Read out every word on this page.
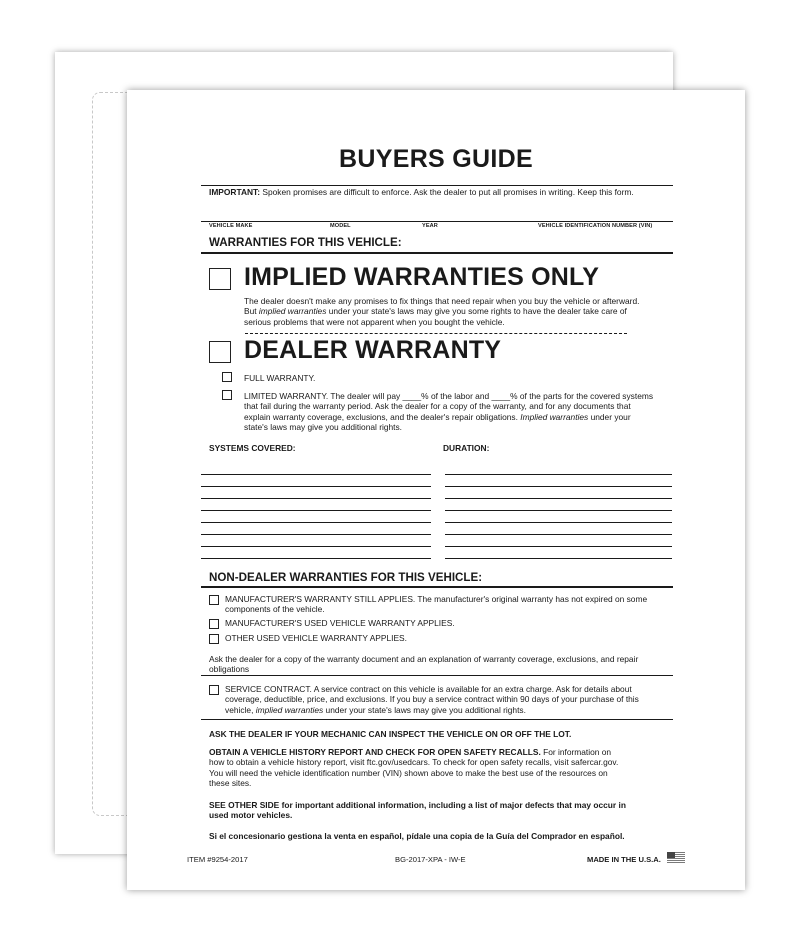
BUYERS GUIDE
IMPORTANT: Spoken promises are difficult to enforce. Ask the dealer to put all promises in writing. Keep this form.
VEHICLE MAKE	MODEL	YEAR	VEHICLE IDENTIFICATION NUMBER (VIN)
WARRANTIES FOR THIS VEHICLE:
IMPLIED WARRANTIES ONLY
The dealer doesn't make any promises to fix things that need repair when you buy the vehicle or afterward.
But implied warranties under your state's laws may give you some rights to have the dealer take care of
serious problems that were not apparent when you bought the vehicle.
DEALER WARRANTY
FULL WARRANTY.
LIMITED WARRANTY. The dealer will pay ____% of the labor and ____% of the parts for the covered systems
that fail during the warranty period. Ask the dealer for a copy of the warranty, and for any documents that
explain warranty coverage, exclusions, and the dealer's repair obligations. Implied warranties under your
state's laws may give you additional rights.
SYSTEMS COVERED:	DURATION:
NON-DEALER WARRANTIES FOR THIS VEHICLE:
MANUFACTURER'S WARRANTY STILL APPLIES. The manufacturer's original warranty has not expired on some
components of the vehicle.
MANUFACTURER'S USED VEHICLE WARRANTY APPLIES.
OTHER USED VEHICLE WARRANTY APPLIES.
Ask the dealer for a copy of the warranty document and an explanation of warranty coverage, exclusions, and repair
obligations
SERVICE CONTRACT. A service contract on this vehicle is available for an extra charge. Ask for details about
coverage, deductible, price, and exclusions. If you buy a service contract within 90 days of your purchase of this
vehicle, implied warranties under your state's laws may give you additional rights.
ASK THE DEALER IF YOUR MECHANIC CAN INSPECT THE VEHICLE ON OR OFF THE LOT.
OBTAIN A VEHICLE HISTORY REPORT AND CHECK FOR OPEN SAFETY RECALLS. For information on
how to obtain a vehicle history report, visit ftc.gov/usedcars. To check for open safety recalls, visit safercar.gov.
You will need the vehicle identification number (VIN) shown above to make the best use of the resources on
these sites.
SEE OTHER SIDE for important additional information, including a list of major defects that may occur in
used motor vehicles.
Si el concesionario gestiona la venta en español, pídale una copia de la Guía del Comprador en español.
ITEM #9254-2017	BG-2017-XPA - IW-E	MADE IN THE U.S.A.
